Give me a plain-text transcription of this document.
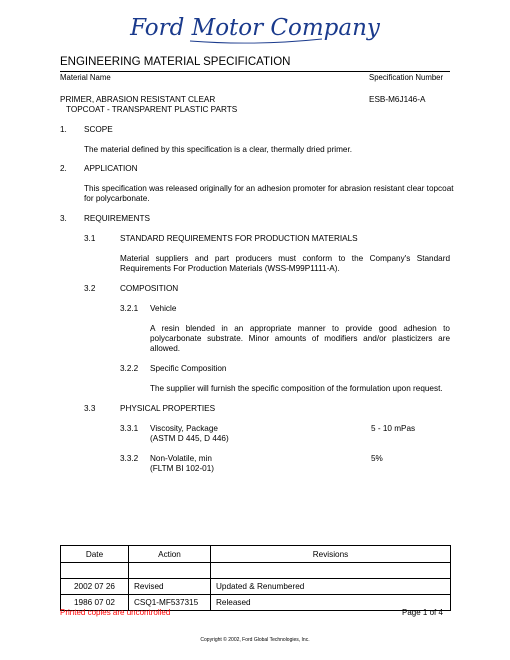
Ford Motor Company
ENGINEERING MATERIAL SPECIFICATION
Material Name	Specification Number
PRIMER, ABRASION RESISTANT CLEAR
TOPCOAT - TRANSPARENT PLASTIC PARTS
ESB-M6J146-A
1. SCOPE
The material defined by this specification is a clear, thermally dried primer.
2. APPLICATION
This specification was released originally for an adhesion promoter for abrasion resistant clear topcoat
for polycarbonate.
3. REQUIREMENTS
3.1	STANDARD REQUIREMENTS FOR PRODUCTION MATERIALS
Material suppliers and part producers must conform to the Company's Standard
Requirements For Production Materials (WSS-M99P1111-A).
3.2	COMPOSITION
3.2.1 Vehicle
A resin blended in an appropriate manner to provide good adhesion to
polycarbonate substrate. Minor amounts of modifiers and/or plasticizers are
allowed.
3.2.2 Specific Composition
The supplier will furnish the specific composition of the formulation upon request.
3.3	PHYSICAL PROPERTIES
3.3.1 Viscosity, Package
(ASTM D 445, D 446)
5 - 10 mPas
3.3.2 Non-Volatile, min
(FLTM BI 102-01)
5%
Date	Action	Revisions

2002 07 26	Revised	Updated & Renumbered
1986 07 02	CSQ1-MF537315	Released
Printed copies are uncontrolled	Page 1 of 4
Copyright © 2002, Ford Global Technologies, Inc.
